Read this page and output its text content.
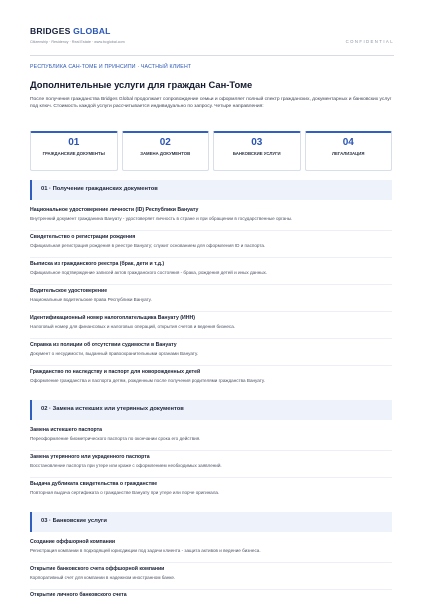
BRIDGES GLOBAL
Citizenship · Residency · Real Estate · www.bcglobal.com	CONFIDENTIAL
РЕСПУБЛИКА САН-ТОМЕ И ПРИНСИПИ · ЧАСТНЫЙ КЛИЕНТ
Дополнительные услуги для граждан Сан-Томе
После получения гражданства Bridges Global продолжает сопровождение семьи и оформляет полный спектр гражданских, документарных и банковских услуг под ключ. Стоимость каждой услуги рассчитывается индивидуально по запросу. Четыре направления:
01
ГРАЖДАНСКИЕ ДОКУМЕНТЫ
02
ЗАМЕНА ДОКУМЕНТОВ
03
БАНКОВСКИЕ УСЛУГИ
04
ЛЕГАЛИЗАЦИЯ
01 · Получение гражданских документов
Национальное удостоверение личности (ID) Республики Вануату
Внутренний документ гражданина Вануату - удостоверяет личность в стране и при обращении в государственные органы.
Свидетельство о регистрации рождения
Официальная регистрация рождения в реестре Вануату; служит основанием для оформления ID и паспорта.
Выписка из гражданского реестра (брак, дети и т.д.)
Официальное подтверждение записей актов гражданского состояния - брака, рождения детей и иных данных.
Водительское удостоверение
Национальные водительские права Республики Вануату.
Идентификационный номер налогоплательщика Вануату (ИНН)
Налоговый номер для финансовых и налоговых операций, открытия счетов и ведения бизнеса.
Справка из полиции об отсутствии судимости в Вануату
Документ о несудимости, выданный правоохранительными органами Вануату.
Гражданство по наследству и паспорт для новорожденных детей
Оформление гражданства и паспорта детям, рожденным после получения родителями гражданства Вануату.
02 · Замена истекших или утерянных документов
Замена истекшего паспорта
Переоформление биометрического паспорта по окончании срока его действия.
Замена утерянного или украденного паспорта
Восстановление паспорта при утере или краже с оформлением необходимых заявлений.
Выдача дубликата свидетельства о гражданстве
Повторная выдача сертификата о гражданстве Вануату при утере или порче оригинала.
03 · Банковские услуги
Создание оффшорной компании
Регистрация компании в подходящей юрисдикции под задачи клиента - защита активов и ведение бизнеса.
Открытие банковского счета оффшорной компании
Корпоративный счет для компании в надежном иностранном банке.
Открытие личного банковского счета
